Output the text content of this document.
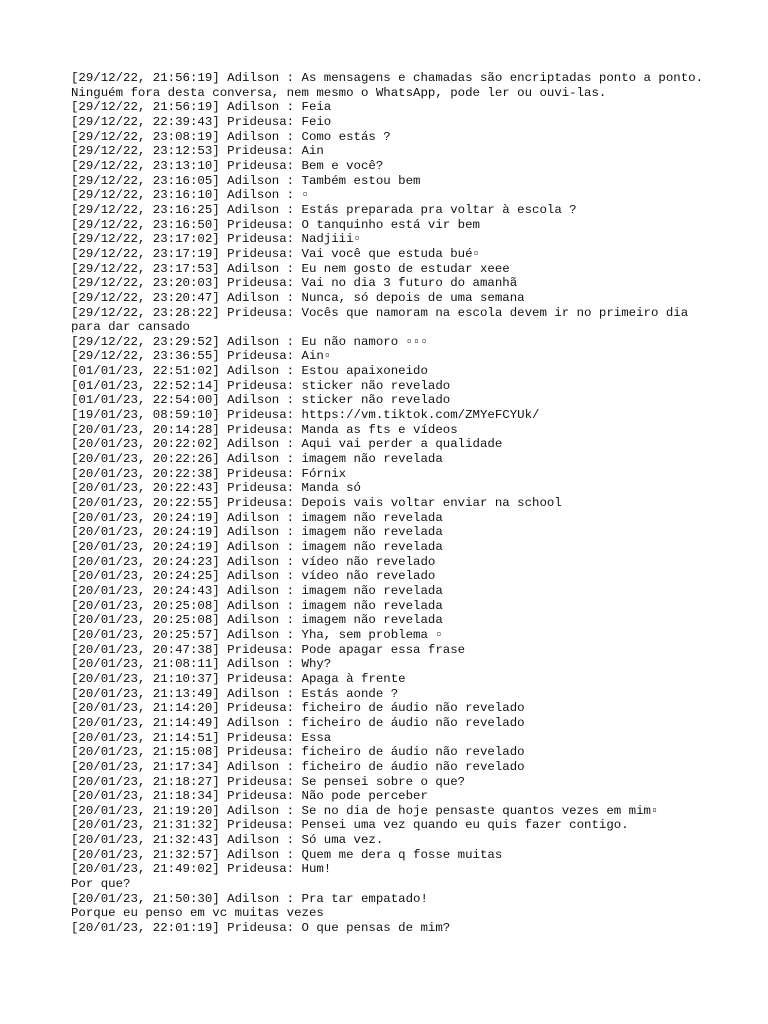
[29/12/22, 21:56:19] Adilson : As mensagens e chamadas são encriptadas ponto a ponto. Ninguém fora desta conversa, nem mesmo o WhatsApp, pode ler ou ouvi-las.
[29/12/22, 21:56:19] Adilson : Feia
[29/12/22, 22:39:43] Prideusa: Feio
[29/12/22, 23:08:19] Adilson : Como estás ?
[29/12/22, 23:12:53] Prideusa: Ain
[29/12/22, 23:13:10] Prideusa: Bem e você?
[29/12/22, 23:16:05] Adilson : Também estou bem
[29/12/22, 23:16:10] Adilson : ▫
[29/12/22, 23:16:25] Adilson : Estás preparada pra voltar à escola ?
[29/12/22, 23:16:50] Prideusa: O tanquinho está vir bem
[29/12/22, 23:17:02] Prideusa: Nadjiii▫
[29/12/22, 23:17:19] Prideusa: Vai você que estuda bué▫
[29/12/22, 23:17:53] Adilson : Eu nem gosto de estudar xeee
[29/12/22, 23:20:03] Prideusa: Vai no dia 3 futuro do amanhã
[29/12/22, 23:20:47] Adilson : Nunca, só depois de uma semana
[29/12/22, 23:28:22] Prideusa: Vocês que namoram na escola devem ir no primeiro dia para dar cansado
[29/12/22, 23:29:52] Adilson : Eu não namoro ▫▫▫
[29/12/22, 23:36:55] Prideusa: Ain▫
[01/01/23, 22:51:02] Adilson : Estou apaixoneido
[01/01/23, 22:52:14] Prideusa: sticker não revelado
[01/01/23, 22:54:00] Adilson : sticker não revelado
[19/01/23, 08:59:10] Prideusa: https://vm.tiktok.com/ZMYeFCYUk/
[20/01/23, 20:14:28] Prideusa: Manda as fts e vídeos
[20/01/23, 20:22:02] Adilson : Aqui vai perder a qualidade
[20/01/23, 20:22:26] Adilson : imagem não revelada
[20/01/23, 20:22:38] Prideusa: Fórnix
[20/01/23, 20:22:43] Prideusa: Manda só
[20/01/23, 20:22:55] Prideusa: Depois vais voltar enviar na school
[20/01/23, 20:24:19] Adilson : imagem não revelada
[20/01/23, 20:24:19] Adilson : imagem não revelada
[20/01/23, 20:24:19] Adilson : imagem não revelada
[20/01/23, 20:24:23] Adilson : vídeo não revelado
[20/01/23, 20:24:25] Adilson : vídeo não revelado
[20/01/23, 20:24:43] Adilson : imagem não revelada
[20/01/23, 20:25:08] Adilson : imagem não revelada
[20/01/23, 20:25:08] Adilson : imagem não revelada
[20/01/23, 20:25:57] Adilson : Yha, sem problema ▫
[20/01/23, 20:47:38] Prideusa: Pode apagar essa frase
[20/01/23, 21:08:11] Adilson : Why?
[20/01/23, 21:10:37] Prideusa: Apaga à frente
[20/01/23, 21:13:49] Adilson : Estás aonde ?
[20/01/23, 21:14:20] Prideusa: ficheiro de áudio não revelado
[20/01/23, 21:14:49] Adilson : ficheiro de áudio não revelado
[20/01/23, 21:14:51] Prideusa: Essa
[20/01/23, 21:15:08] Prideusa: ficheiro de áudio não revelado
[20/01/23, 21:17:34] Adilson : ficheiro de áudio não revelado
[20/01/23, 21:18:27] Prideusa: Se pensei sobre o que?
[20/01/23, 21:18:34] Prideusa: Não pode perceber
[20/01/23, 21:19:20] Adilson : Se no dia de hoje pensaste quantos vezes em mim▫
[20/01/23, 21:31:32] Prideusa: Pensei uma vez quando eu quis fazer contigo.
[20/01/23, 21:32:43] Adilson : Só uma vez.
[20/01/23, 21:32:57] Adilson : Quem me dera q fosse muitas
[20/01/23, 21:49:02] Prideusa: Hum!
Por que?
[20/01/23, 21:50:30] Adilson : Pra tar empatado!
Porque eu penso em vc muitas vezes
[20/01/23, 22:01:19] Prideusa: O que pensas de mim?
